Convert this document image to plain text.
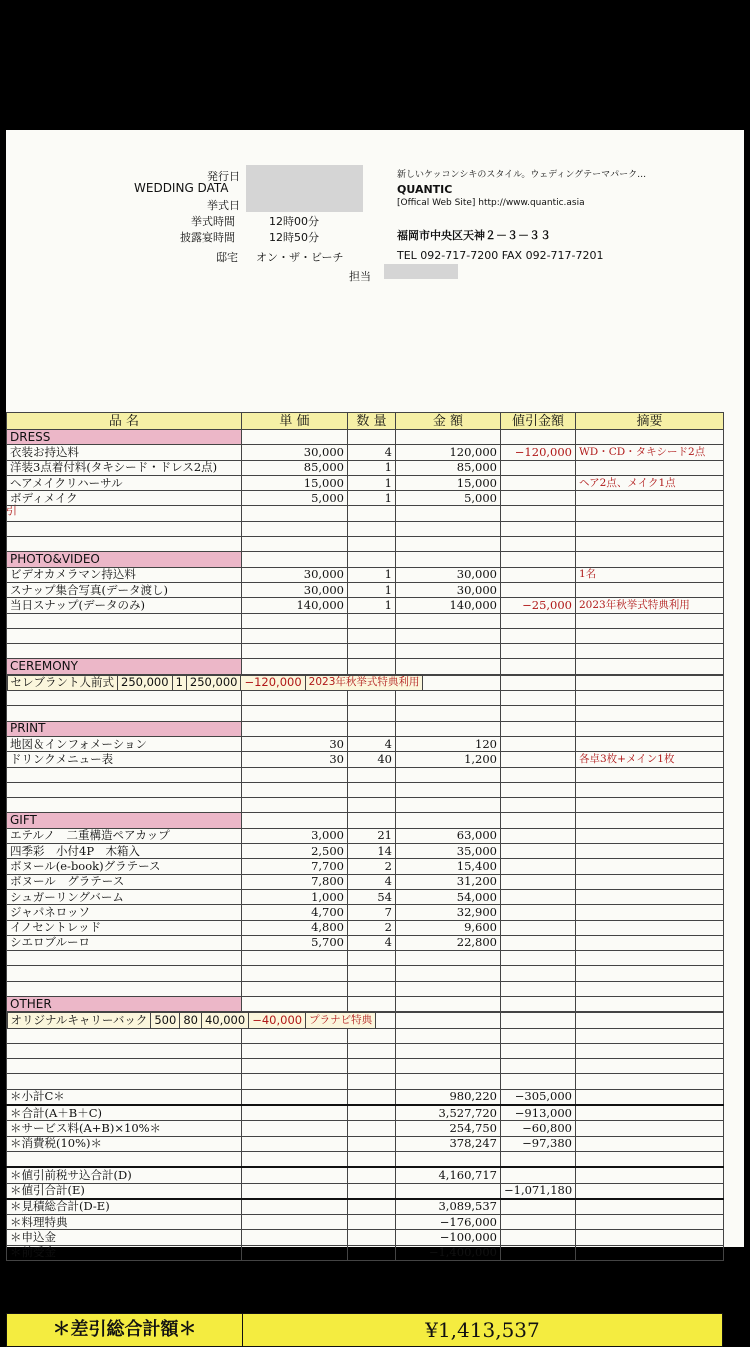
発行日
WEDDING DATA
挙式日
挙式時間	12時00分
披露宴時間	12時50分
邸宅 オン・ザ・ビーチ
担当
新しいケッコンシキのスタイル。ウェディングテーマパーク…
QUANTIC
[Offical Web Site] http://www.quantic.asia
福岡市中央区天神２－３－３３
TEL 092-717-7200 FAX 092-717-7201
引
品 名	単 価	数 量	金 額	値引金額	摘要
DRESS					
衣装お持込料	30,000	4	120,000	−120,000	WD・CD・タキシード2点
洋装3点着付料(タキシード・ドレス2点)	85,000	1	85,000		
ヘアメイクリハーサル	15,000	1	15,000		ヘア2点、メイク1点
ボディメイク	5,000	1	5,000		

PHOTO&VIDEO					
ビデオカメラマン持込料	30,000	1	30,000		1名
スナップ集合写真(データ渡し)	30,000	1	30,000		
当日スナップ(データのみ)	140,000	1	140,000	−25,000	2023年秋挙式特典利用

CEREMONY					

セレブラント人前式	250,000	1	250,000	−120,000	2023年秋挙式特典利用

PRINT					
地図＆インフォメーション	30	4	120		
ドリンクメニュー表	30	40	1,200		各卓3枚+メイン1枚

GIFT					
エテルノ　二重構造ペアカップ	3,000	21	63,000		
四季彩　小付4P　木箱入	2,500	14	35,000		
ボヌール(e-book)グラテース	7,700	2	15,400		
ボヌール　グラテース	7,800	4	31,200		
シュガーリングバーム	1,000	54	54,000		
ジャパネロッソ	4,700	7	32,900		
イノセントレッド	4,800	2	9,600		
シエロブルーロ	5,700	4	22,800		

OTHER					

オリジナルキャリーバック	500	80	40,000	−40,000	プラナビ特典

＊小計C＊			980,220	−305,000	
＊合計(A＋B＋C)			3,527,720	−913,000	
＊サービス料(A+B)×10%＊			254,750	−60,800	
＊消費税(10%)＊			378,247	−97,380	

＊値引前税サ込合計(D)			4,160,717		
＊値引合計(E)				−1,071,180	
＊見積総合計(D-E)			3,089,537		
＊料理特典			−176,000		
＊申込金			−100,000		
＊前受金			−1,400,000		
＊差引総合計額＊	¥1,413,537
